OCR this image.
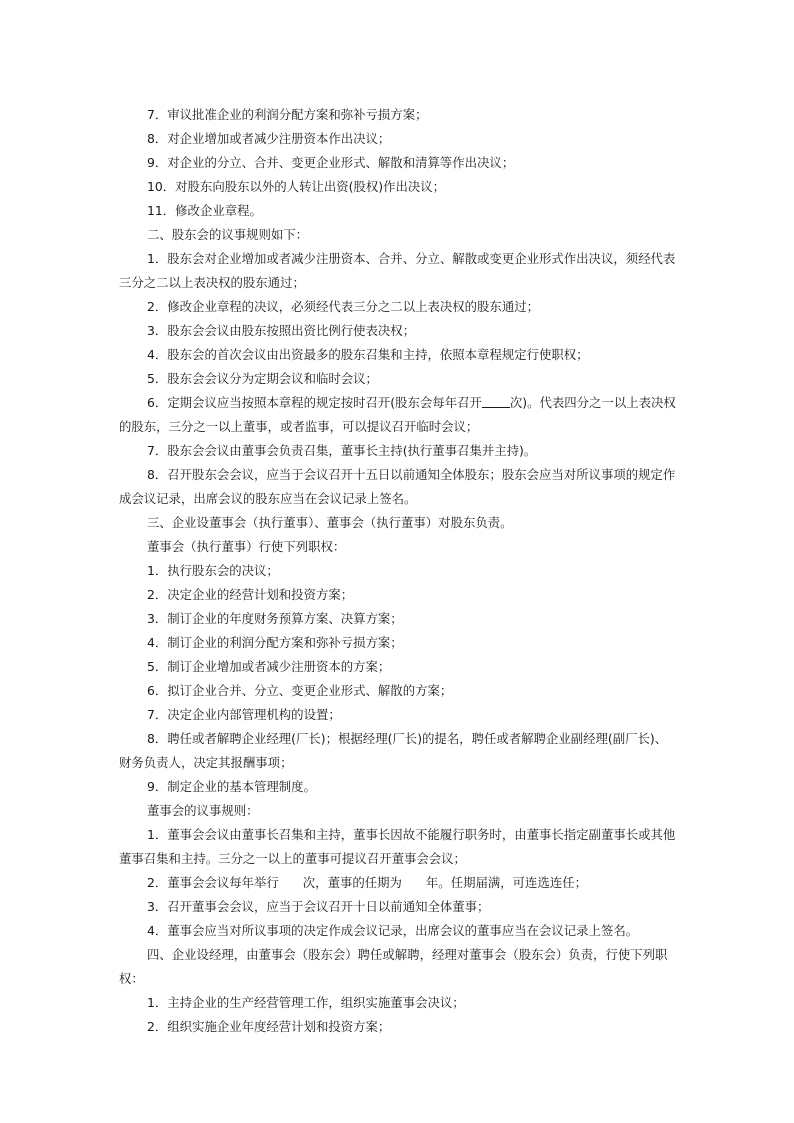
7．审议批准企业的利润分配方案和弥补亏损方案；

8．对企业增加或者减少注册资本作出决议；

9．对企业的分立、合并、变更企业形式、解散和清算等作出决议；

10．对股东向股东以外的人转让出资(股权)作出决议；

11．修改企业章程。

二、股东会的议事规则如下：

1．股东会对企业增加或者减少注册资本、合并、分立、解散或变更企业形式作出决议，须经代表三分之二以上表决权的股东通过；

2．修改企业章程的决议，必须经代表三分之二以上表决权的股东通过；

3．股东会会议由股东按照出资比例行使表决权；

4．股东会的首次会议由出资最多的股东召集和主持，依照本章程规定行使职权；

5．股东会会议分为定期会议和临时会议；

6．定期会议应当按照本章程的规定按时召开(股东会每年召开 次)。代表四分之一以上表决权的股东，三分之一以上董事，或者监事，可以提议召开临时会议；

7．股东会会议由董事会负责召集，董事长主持(执行董事召集并主持)。

8．召开股东会会议，应当于会议召开十五日以前通知全体股东；股东会应当对所议事项的规定作成会议记录，出席会议的股东应当在会议记录上签名。

三、企业设董事会（执行董事）、董事会（执行董事）对股东负责。

董事会（执行董事）行使下列职权：

1．执行股东会的决议；

2．决定企业的经营计划和投资方案；

3．制订企业的年度财务预算方案、决算方案；

4．制订企业的利润分配方案和弥补亏损方案；

5．制订企业增加或者减少注册资本的方案；

6．拟订企业合并、分立、变更企业形式、解散的方案；

7．决定企业内部管理机构的设置；

8．聘任或者解聘企业经理(厂长)；根据经理(厂长)的提名，聘任或者解聘企业副经理(副厂长)、财务负责人，决定其报酬事项；

9．制定企业的基本管理制度。

董事会的议事规则：

1．董事会会议由董事长召集和主持，董事长因故不能履行职务时，由董事长指定副董事长或其他董事召集和主持。三分之一以上的董事可提议召开董事会会议；

2．董事会会议每年举行 次，董事的任期为 年。任期届满，可连选连任；

3．召开董事会会议，应当于会议召开十日以前通知全体董事；

4．董事会应当对所议事项的决定作成会议记录，出席会议的董事应当在会议记录上签名。

四、企业设经理，由董事会（股东会）聘任或解聘，经理对董事会（股东会）负责，行使下列职权：

1．主持企业的生产经营管理工作，组织实施董事会决议；

2．组织实施企业年度经营计划和投资方案；
